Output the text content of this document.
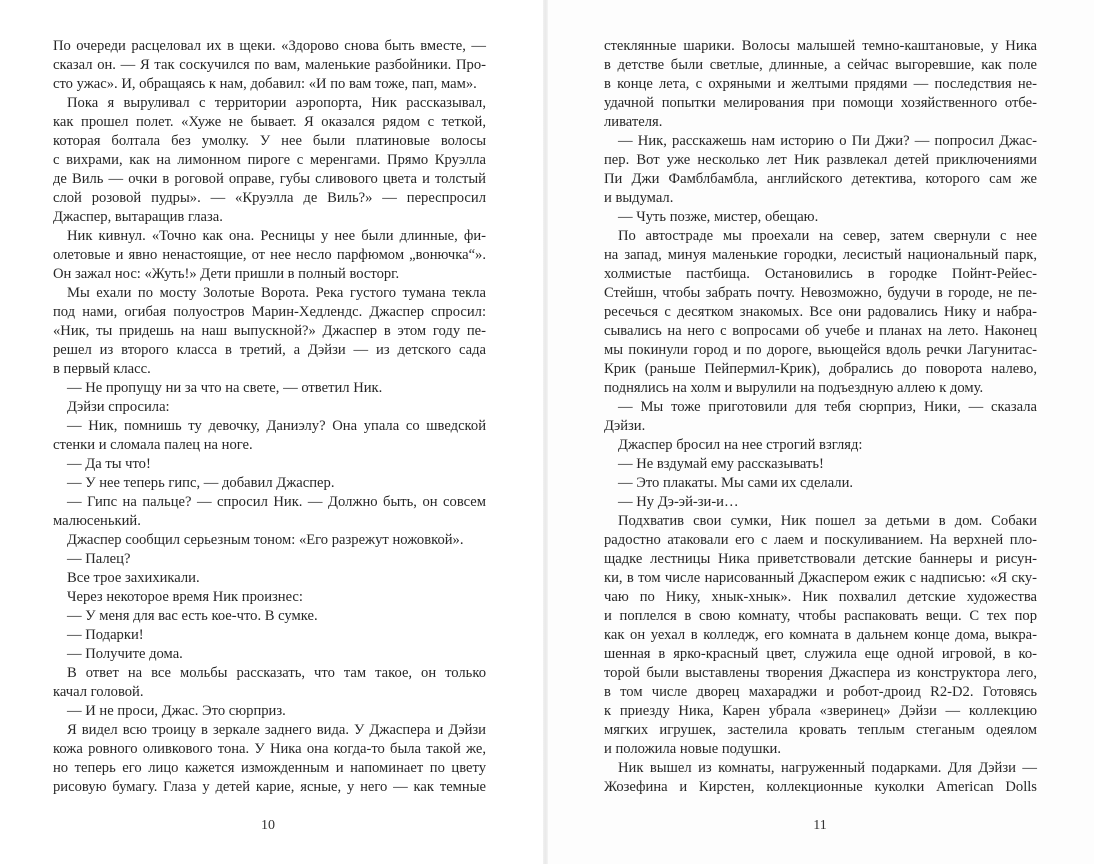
По очереди расцеловал их в щеки. «Здорово снова быть вместе, —
сказал он. — Я так соскучился по вам, маленькие разбойники. Про-
сто ужас». И, обращаясь к нам, добавил: «И по вам тоже, пап, мам».
Пока я выруливал с территории аэропорта, Ник рассказывал,
как прошел полет. «Хуже не бывает. Я оказался рядом с теткой,
которая болтала без умолку. У нее были платиновые волосы
с вихрами, как на лимонном пироге с меренгами. Прямо Круэлла
де Виль — очки в роговой оправе, губы сливового цвета и толстый
слой розовой пудры». — «Круэлла де Виль?» — переспросил
Джаспер, вытаращив глаза.
Ник кивнул. «Точно как она. Ресницы у нее были длинные, фи-
олетовые и явно ненастоящие, от нее несло парфюмом „вонючка“».
Он зажал нос: «Жуть!» Дети пришли в полный восторг.
Мы ехали по мосту Золотые Ворота. Река густого тумана текла
под нами, огибая полуостров Марин-Хедлендс. Джаспер спросил:
«Ник, ты придешь на наш выпускной?» Джаспер в этом году пе-
решел из второго класса в третий, а Дэйзи — из детского сада
в первый класс.
— Не пропущу ни за что на свете, — ответил Ник.
Дэйзи спросила:
— Ник, помнишь ту девочку, Даниэлу? Она упала со шведской
стенки и сломала палец на ноге.
— Да ты что!
— У нее теперь гипс, — добавил Джаспер.
— Гипс на пальце? — спросил Ник. — Должно быть, он совсем
малюсенький.
Джаспер сообщил серьезным тоном: «Его разрежут ножовкой».
— Палец?
Все трое захихикали.
Через некоторое время Ник произнес:
— У меня для вас есть кое-что. В сумке.
— Подарки!
— Получите дома.
В ответ на все мольбы рассказать, что там такое, он только
качал головой.
— И не проси, Джас. Это сюрприз.
Я видел всю троицу в зеркале заднего вида. У Джаспера и Дэйзи
кожа ровного оливкового тона. У Ника она когда-то была такой же,
но теперь его лицо кажется изможденным и напоминает по цвету
рисовую бумагу. Глаза у детей карие, ясные, у него — как темные
10
стеклянные шарики. Волосы малышей темно-каштановые, у Ника
в детстве были светлые, длинные, а сейчас выгоревшие, как поле
в конце лета, с охряными и желтыми прядями — последствия не-
удачной попытки мелирования при помощи хозяйственного отбе-
ливателя.
— Ник, расскажешь нам историю о Пи Джи? — попросил Джас-
пер. Вот уже несколько лет Ник развлекал детей приключениями
Пи Джи Фамблбамбла, английского детектива, которого сам же
и выдумал.
— Чуть позже, мистер, обещаю.
По автостраде мы проехали на север, затем свернули с нее
на запад, минуя маленькие городки, лесистый национальный парк,
холмистые пастбища. Остановились в городке Пойнт-Рейес-
Стейшн, чтобы забрать почту. Невозможно, будучи в городе, не пе-
ресечься с десятком знакомых. Все они радовались Нику и набра-
сывались на него с вопросами об учебе и планах на лето. Наконец
мы покинули город и по дороге, вьющейся вдоль речки Лагунитас-
Крик (раньше Пейпермил-Крик), добрались до поворота налево,
поднялись на холм и вырулили на подъездную аллею к дому.
— Мы тоже приготовили для тебя сюрприз, Ники, — сказала
Дэйзи.
Джаспер бросил на нее строгий взгляд:
— Не вздумай ему рассказывать!
— Это плакаты. Мы сами их сделали.
— Ну Дэ-эй-зи-и…
Подхватив свои сумки, Ник пошел за детьми в дом. Собаки
радостно атаковали его с лаем и поскуливанием. На верхней пло-
щадке лестницы Ника приветствовали детские баннеры и рисун-
ки, в том числе нарисованный Джаспером ежик с надписью: «Я ску-
чаю по Нику, хнык-хнык». Ник похвалил детские художества
и поплелся в свою комнату, чтобы распаковать вещи. С тех пор
как он уехал в колледж, его комната в дальнем конце дома, выкра-
шенная в ярко-красный цвет, служила еще одной игровой, в ко-
торой были выставлены творения Джаспера из конструктора лего,
в том числе дворец махараджи и робот-дроид R2-D2. Готовясь
к приезду Ника, Карен убрала «зверинец» Дэйзи — коллекцию
мягких игрушек, застелила кровать теплым стеганым одеялом
и положила новые подушки.
Ник вышел из комнаты, нагруженный подарками. Для Дэйзи —
Жозефина и Кирстен, коллекционные куколки American Dolls
11
